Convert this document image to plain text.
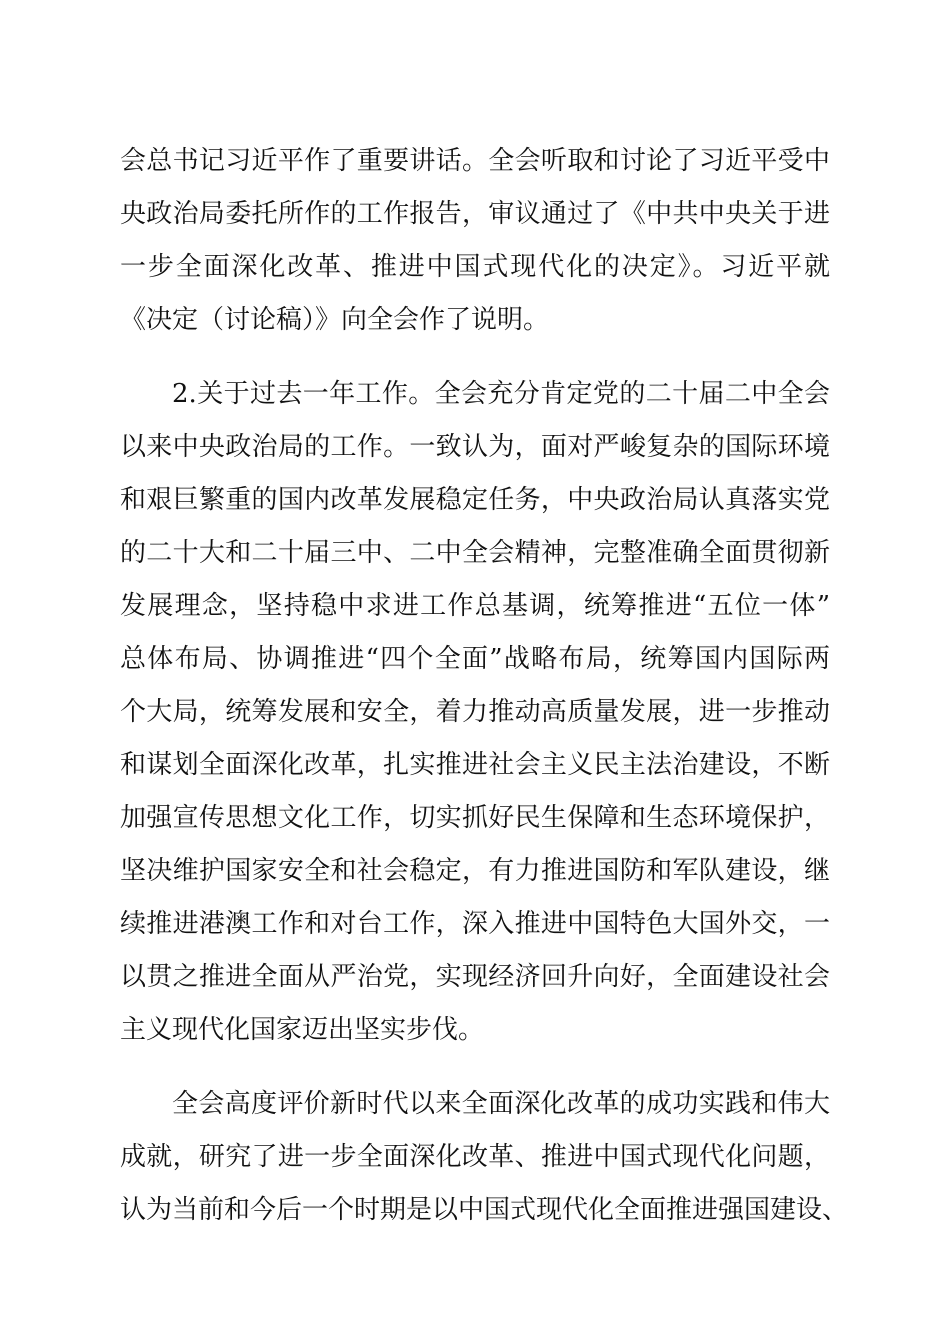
会总书记习近平作了重要讲话。全会听取和讨论了习近平受中
央政治局委托所作的工作报告，审议通过了《中共中央关于进
一步全面深化改革、推进中国式现代化的决定》。习近平就
《决定（讨论稿）》向全会作了说明。
2.关于过去一年工作。全会充分肯定党的二十届二中全会
以来中央政治局的工作。一致认为，面对严峻复杂的国际环境
和艰巨繁重的国内改革发展稳定任务，中央政治局认真落实党
的二十大和二十届三中、二中全会精神，完整准确全面贯彻新
发展理念，坚持稳中求进工作总基调，统筹推进“五位一体”
总体布局、协调推进“四个全面”战略布局，统筹国内国际两
个大局，统筹发展和安全，着力推动高质量发展，进一步推动
和谋划全面深化改革，扎实推进社会主义民主法治建设，不断
加强宣传思想文化工作，切实抓好民生保障和生态环境保护，
坚决维护国家安全和社会稳定，有力推进国防和军队建设，继
续推进港澳工作和对台工作，深入推进中国特色大国外交，一
以贯之推进全面从严治党，实现经济回升向好，全面建设社会
主义现代化国家迈出坚实步伐。
全会高度评价新时代以来全面深化改革的成功实践和伟大
成就，研究了进一步全面深化改革、推进中国式现代化问题，
认为当前和今后一个时期是以中国式现代化全面推进强国建设、
